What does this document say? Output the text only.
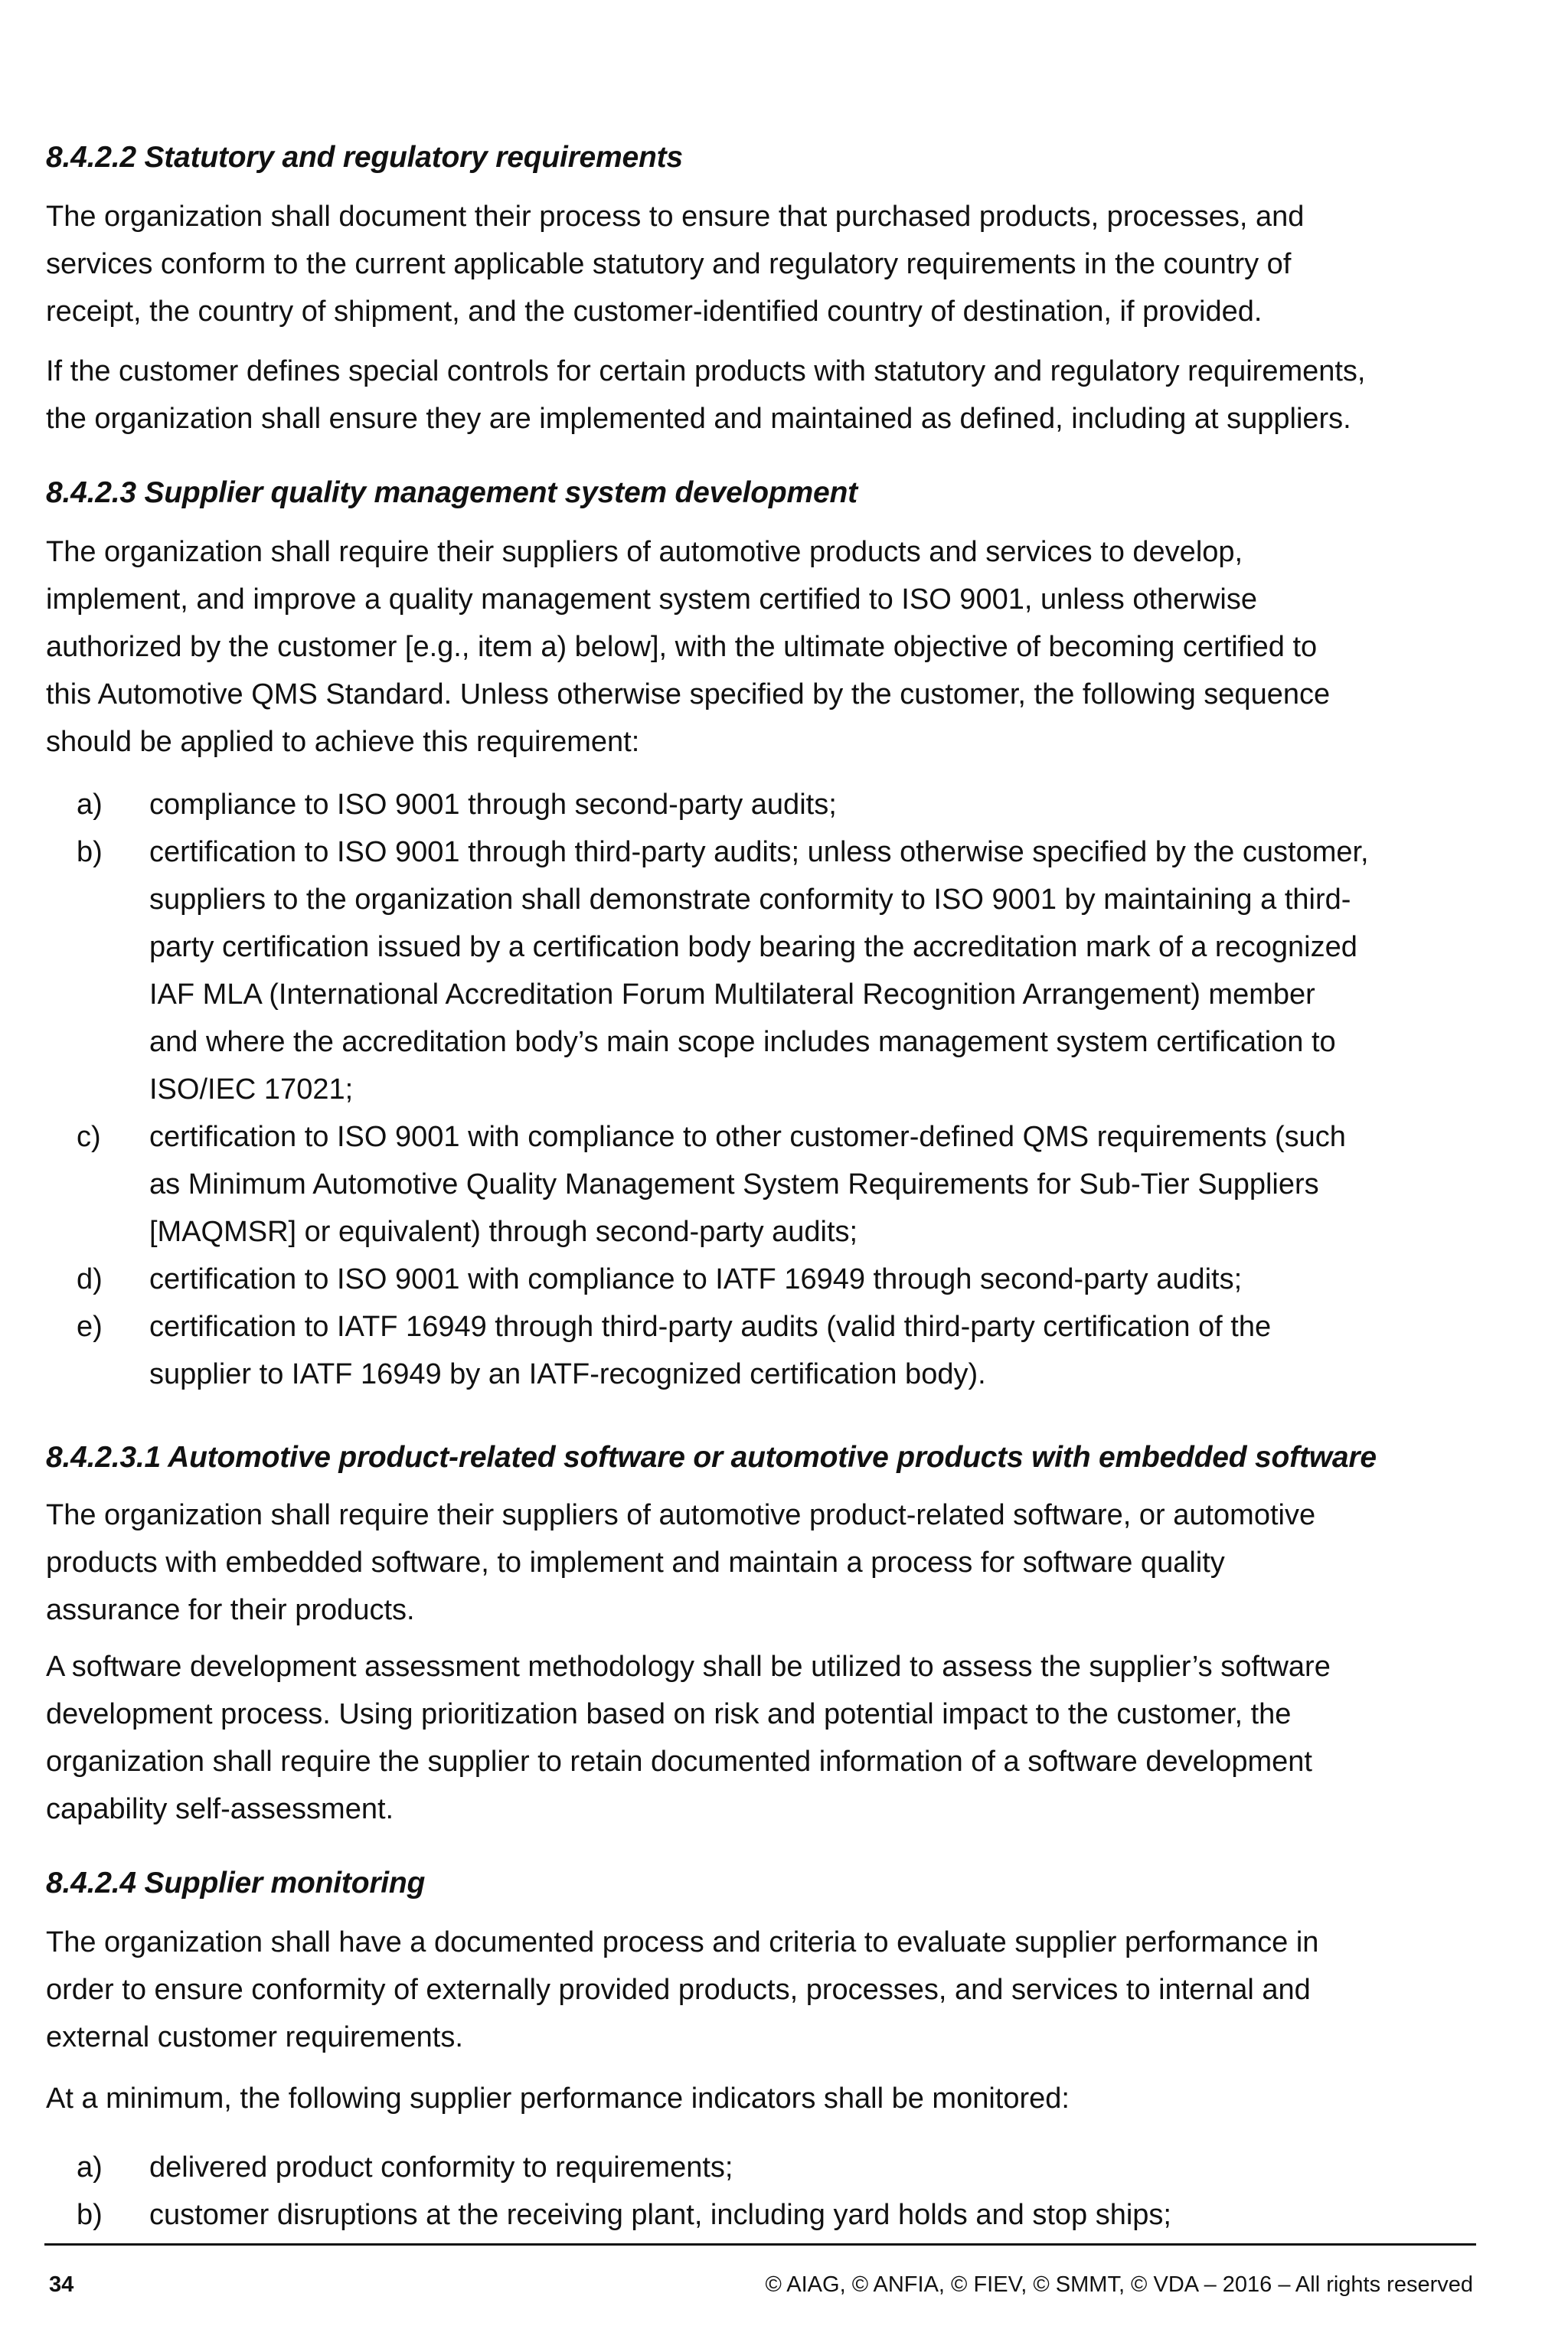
8.4.2.2 Statutory and regulatory requirements
The organization shall document their process to ensure that purchased products, processes, and
services conform to the current applicable statutory and regulatory requirements in the country of
receipt, the country of shipment, and the customer-identified country of destination, if provided.
If the customer defines special controls for certain products with statutory and regulatory requirements,
the organization shall ensure they are implemented and maintained as defined, including at suppliers.
8.4.2.3 Supplier quality management system development
The organization shall require their suppliers of automotive products and services to develop,
implement, and improve a quality management system certified to ISO 9001, unless otherwise
authorized by the customer [e.g., item a) below], with the ultimate objective of becoming certified to
this Automotive QMS Standard. Unless otherwise specified by the customer, the following sequence
should be applied to achieve this requirement:
a) compliance to ISO 9001 through second-party audits;
b) certification to ISO 9001 through third-party audits; unless otherwise specified by the customer,
suppliers to the organization shall demonstrate conformity to ISO 9001 by maintaining a third-
party certification issued by a certification body bearing the accreditation mark of a recognized
IAF MLA (International Accreditation Forum Multilateral Recognition Arrangement) member
and where the accreditation body’s main scope includes management system certification to
ISO/IEC 17021;
c) certification to ISO 9001 with compliance to other customer-defined QMS requirements (such
as Minimum Automotive Quality Management System Requirements for Sub-Tier Suppliers
[MAQMSR] or equivalent) through second-party audits;
d) certification to ISO 9001 with compliance to IATF 16949 through second-party audits;
e) certification to IATF 16949 through third-party audits (valid third-party certification of the
supplier to IATF 16949 by an IATF-recognized certification body).
8.4.2.3.1 Automotive product-related software or automotive products with embedded software
The organization shall require their suppliers of automotive product-related software, or automotive
products with embedded software, to implement and maintain a process for software quality
assurance for their products.
A software development assessment methodology shall be utilized to assess the supplier’s software
development process. Using prioritization based on risk and potential impact to the customer, the
organization shall require the supplier to retain documented information of a software development
capability self-assessment.
8.4.2.4 Supplier monitoring
The organization shall have a documented process and criteria to evaluate supplier performance in
order to ensure conformity of externally provided products, processes, and services to internal and
external customer requirements.
At a minimum, the following supplier performance indicators shall be monitored:
a) delivered product conformity to requirements;
b) customer disruptions at the receiving plant, including yard holds and stop ships;
34	© AIAG, © ANFIA, © FIEV, © SMMT, © VDA – 2016 – All rights reserved
